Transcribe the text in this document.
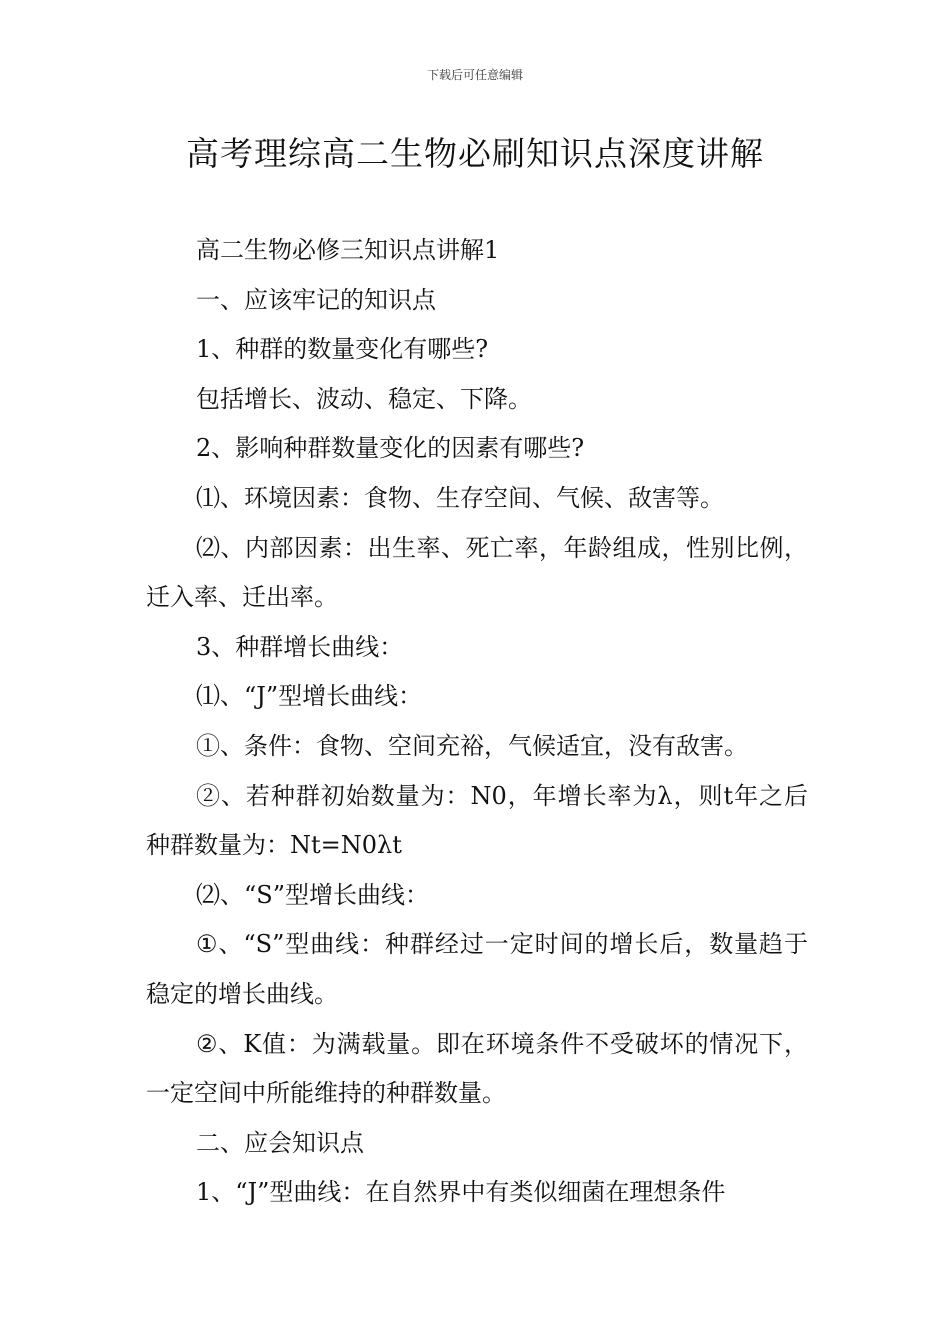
下载后可任意编辑
高考理综高二生物必刷知识点深度讲解

高二生物必修三知识点讲解1

一、应该牢记的知识点

1、种群的数量变化有哪些?

包括增长、波动、稳定、下降。

2、影响种群数量变化的因素有哪些?

⑴、环境因素：食物、生存空间、气候、敌害等。

⑵、内部因素：出生率、死亡率，年龄组成，性别比例，迁入率、迁出率。

3、种群增长曲线：

⑴、“J”型增长曲线：

①、条件：食物、空间充裕，气候适宜，没有敌害。

②、若种群初始数量为：N0，年增长率为λ，则t年之后种群数量为：Nt=N0λt

⑵、“S”型增长曲线：

①、“S”型曲线：种群经过一定时间的增长后，数量趋于稳定的增长曲线。

②、K值：为满载量。即在环境条件不受破坏的情况下，一定空间中所能维持的种群数量。

二、应会知识点

1、“J”型曲线：在自然界中有类似细菌在理想条件
